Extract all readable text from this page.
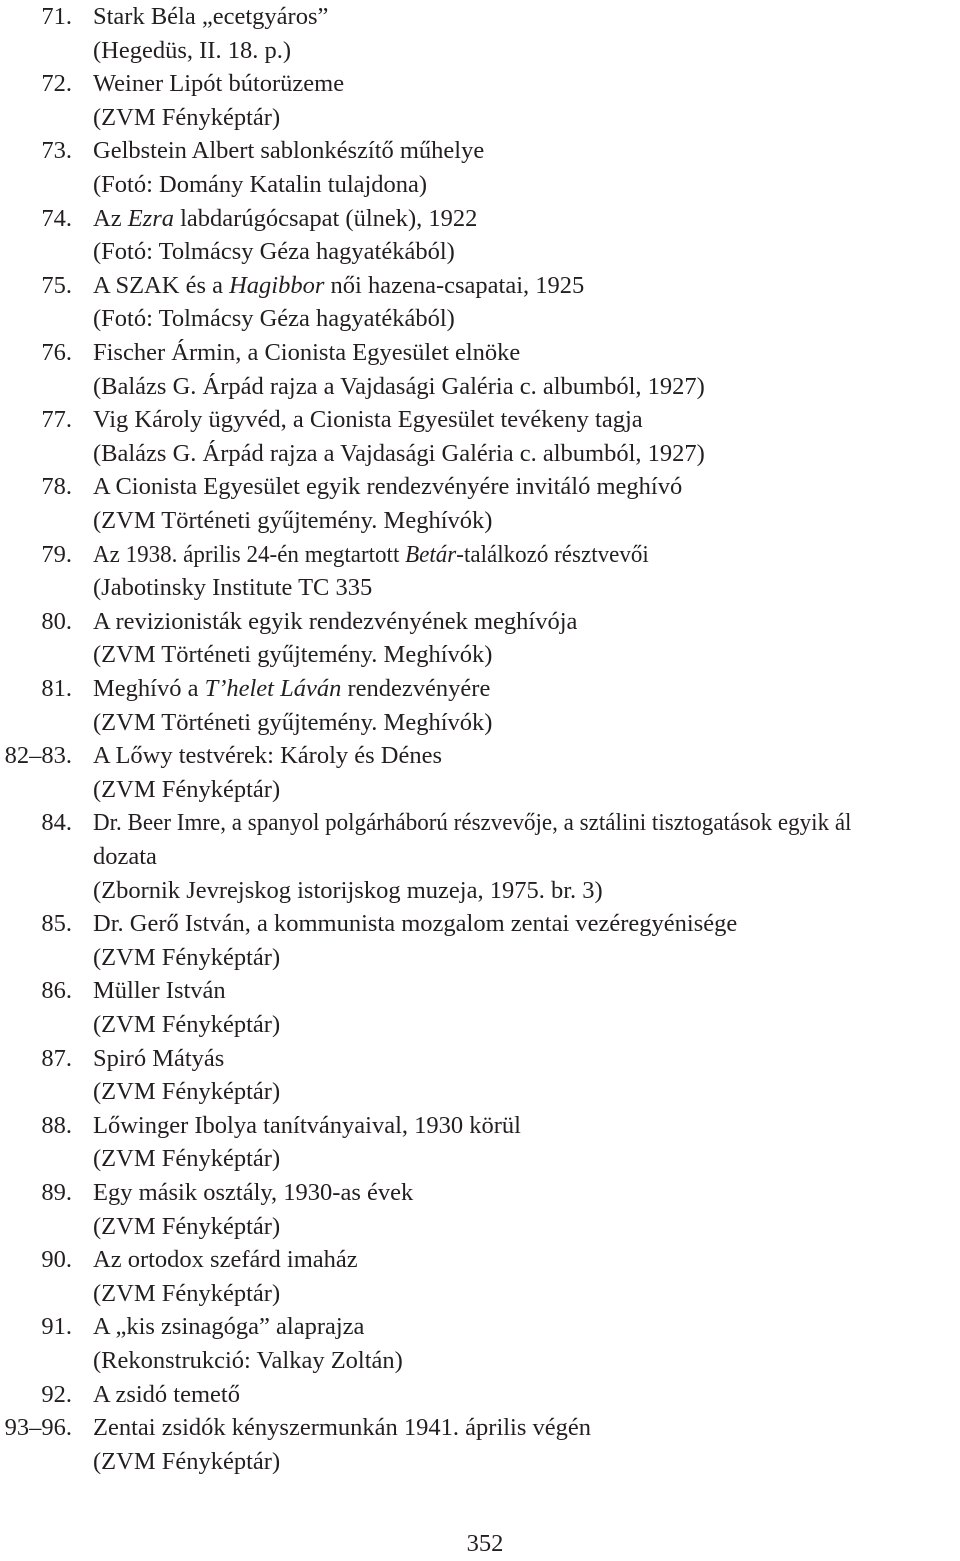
71. Stark Béla „ecetgyáros”
(Hegedüs, II. 18. p.)
72. Weiner Lipót bútorüzeme
(ZVM Fényképtár)
73. Gelbstein Albert sablonkészítő műhelye
(Fotó: Domány Katalin tulajdona)
74. Az Ezra labdarúgócsapat (ülnek), 1922
(Fotó: Tolmácsy Géza hagyatékából)
75. A SZAK és a Hagibbor női hazena-csapatai, 1925
(Fotó: Tolmácsy Géza hagyatékából)
76. Fischer Ármin, a Cionista Egyesület elnöke
(Balázs G. Árpád rajza a Vajdasági Galéria c. albumból, 1927)
77. Vig Károly ügyvéd, a Cionista Egyesület tevékeny tagja
(Balázs G. Árpád rajza a Vajdasági Galéria c. albumból, 1927)
78. A Cionista Egyesület egyik rendezvényére invitáló meghívó
(ZVM Történeti gyűjtemény. Meghívók)
79. Az 1938. április 24-én megtartott Betár-találkozó résztvevői
(Jabotinsky Institute TC 335
80. A revizionisták egyik rendezvényének meghívója
(ZVM Történeti gyűjtemény. Meghívók)
81. Meghívó a T’helet Láván rendezvényére
(ZVM Történeti gyűjtemény. Meghívók)
82–83. A Lőwy testvérek: Károly és Dénes
(ZVM Fényképtár)
84. Dr. Beer Imre, a spanyol polgárháború részvevője, a sztálini tisztogatások egyik ál
dozata
(Zbornik Jevrejskog istorijskog muzeja, 1975. br. 3)
85. Dr. Gerő István, a kommunista mozgalom zentai vezéregyénisége
(ZVM Fényképtár)
86. Müller István
(ZVM Fényképtár)
87. Spiró Mátyás
(ZVM Fényképtár)
88. Lőwinger Ibolya tanítványaival, 1930 körül
(ZVM Fényképtár)
89. Egy másik osztály, 1930-as évek
(ZVM Fényképtár)
90. Az ortodox szefárd imaház
(ZVM Fényképtár)
91. A „kis zsinagóga” alaprajza
(Rekonstrukció: Valkay Zoltán)
92. A zsidó temető
93–96. Zentai zsidók kényszermunkán 1941. április végén
(ZVM Fényképtár)
352
